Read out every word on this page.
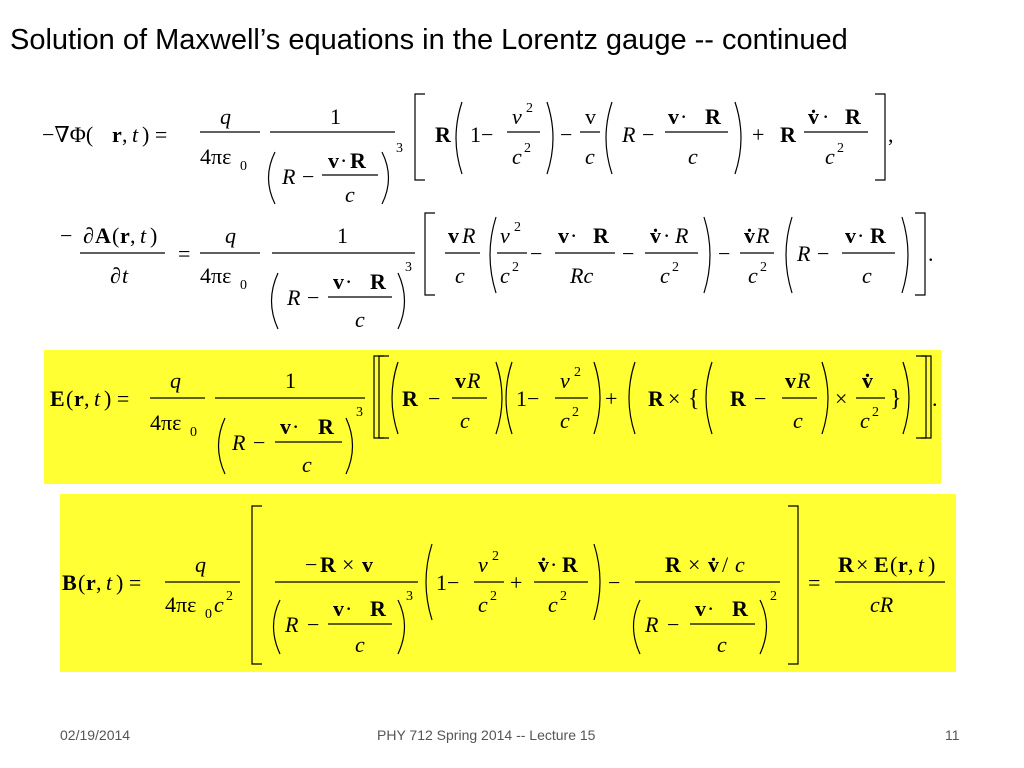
Solution of Maxwell’s equations in the Lorentz gauge -- continued
−∇Φ( r , t ) =
q
4πε 0
1
R −
v · R
c
3
R 1−
v 2
c 2
−
v
c
R −
v · R
c
+ R
v̇ · R
c 2
,
− ∂ A ( r , t )
∂ t
=
q
4πε 0
1
R −
v · R
c
3
v R
c
v 2
c 2
−
v · R
Rc
−
v̇ · R
c 2
−
v̇ R
c 2
R −
v · R
c
.
E ( r , t ) =
q
4πε 0
1
R −
v · R
c
3
R −
v R
c
1−
v 2
c 2
+ R × { R −
v R
c
×
v̇
c 2
} .
B ( r , t ) =
q
4πε 0 c 2
− R × v
R −
v · R
c
3
1−
v 2
c 2
+
v̇ · R
c 2
−
R × v̇ / c
R −
v · R
c
2
=
R × E ( r , t )
cR
02/19/2014	PHY 712 Spring 2014 -- Lecture 15	11
